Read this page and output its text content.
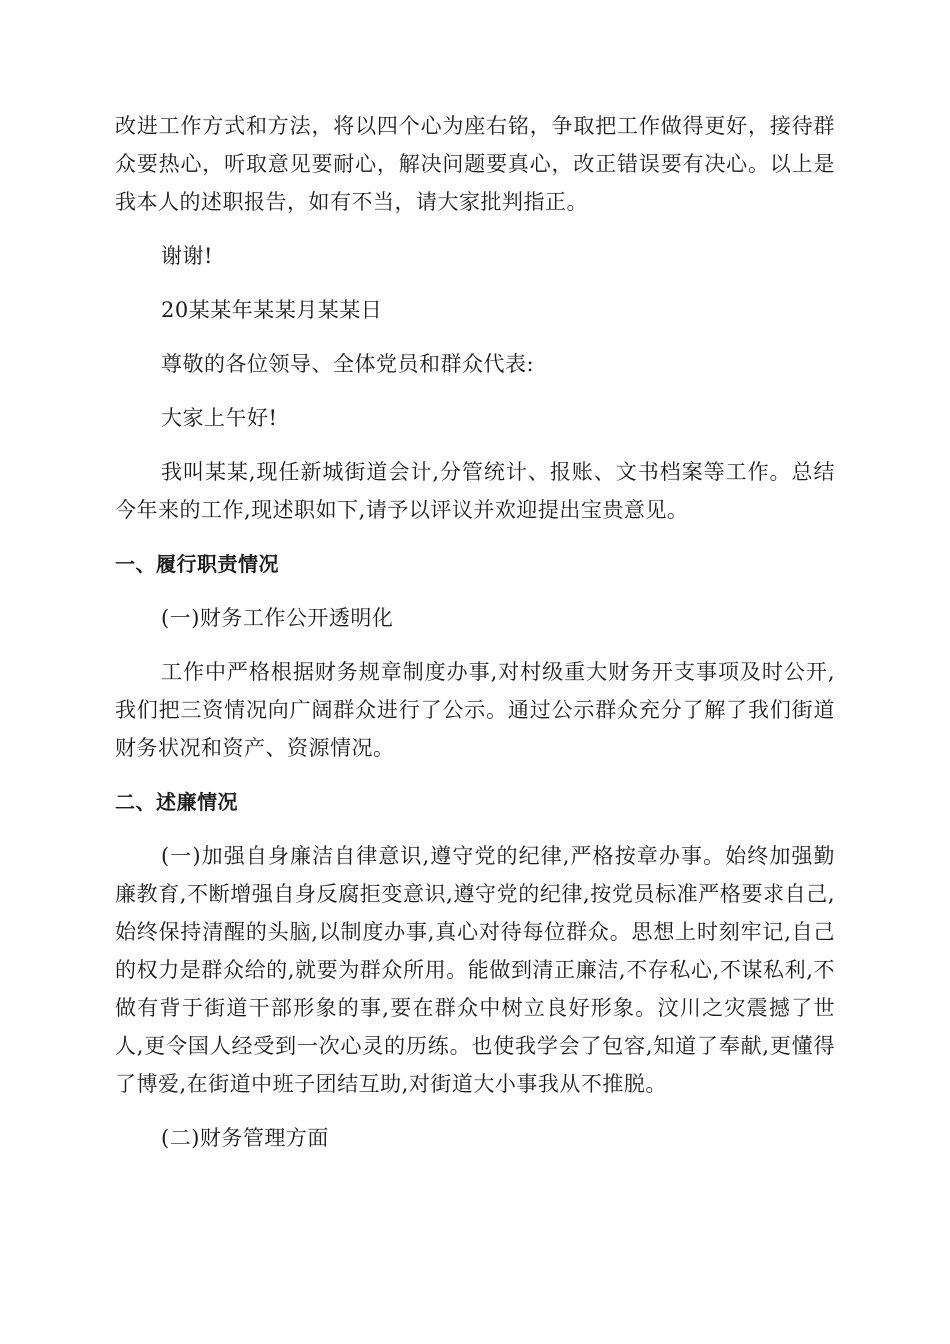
改进工作方式和方法，将以四个心为座右铭，争取把工作做得更好，接待群众要热心，听取意见要耐心，解决问题要真心，改正错误要有决心。以上是我本人的述职报告，如有不当，请大家批判指正。

谢谢!

20某某年某某月某某日

尊敬的各位领导、全体党员和群众代表:

大家上午好!

我叫某某,现任新城街道会计,分管统计、报账、文书档案等工作。总结今年来的工作,现述职如下,请予以评议并欢迎提出宝贵意见。

一、履行职责情况

(一)财务工作公开透明化

工作中严格根据财务规章制度办事,对村级重大财务开支事项及时公开,我们把三资情况向广阔群众进行了公示。通过公示群众充分了解了我们街道财务状况和资产、资源情况。

二、述廉情况

(一)加强自身廉洁自律意识,遵守党的纪律,严格按章办事。始终加强勤廉教育,不断增强自身反腐拒变意识,遵守党的纪律,按党员标准严格要求自己,始终保持清醒的头脑,以制度办事,真心对待每位群众。思想上时刻牢记,自己的权力是群众给的,就要为群众所用。能做到清正廉洁,不存私心,不谋私利,不做有背于街道干部形象的事,要在群众中树立良好形象。汶川之灾震撼了世人,更令国人经受到一次心灵的历练。也使我学会了包容,知道了奉献,更懂得了博爱,在街道中班子团结互助,对街道大小事我从不推脱。

(二)财务管理方面
